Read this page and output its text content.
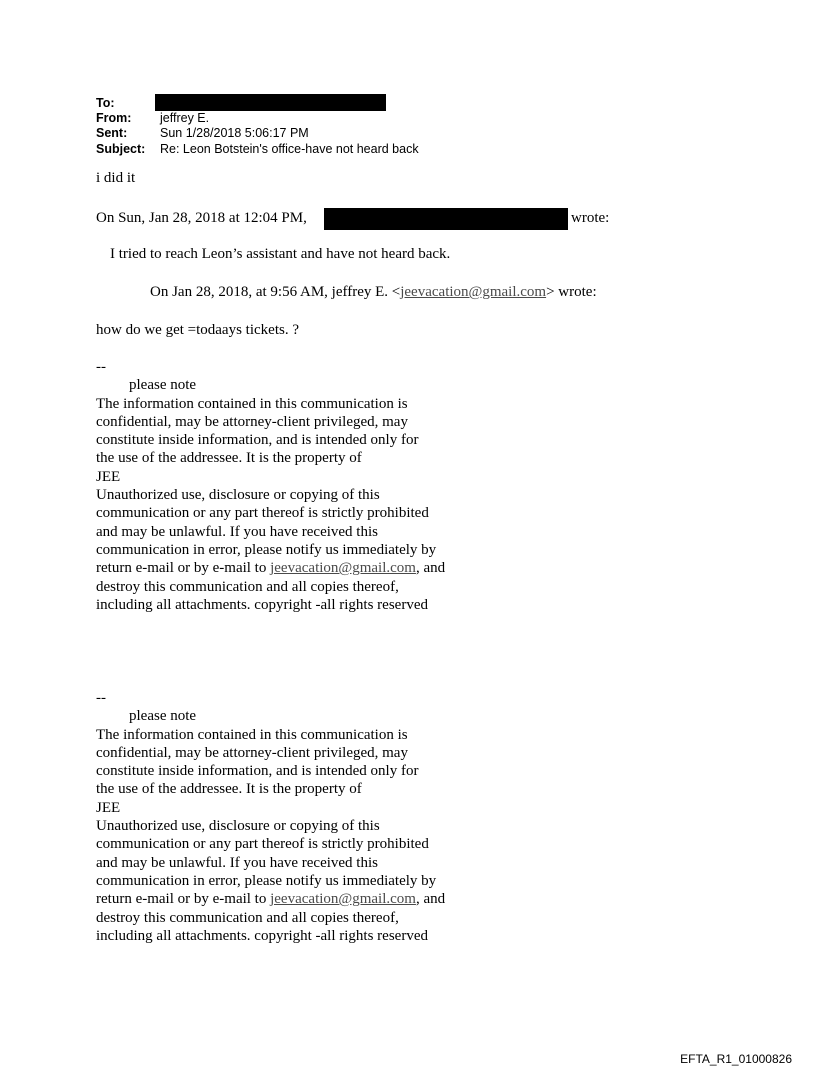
To:
From: jeffrey E.
Sent:	Sun 1/28/2018 5:06:17 PM
Subject: Re: Leon Botstein's office-have not heard back
i did it
On Sun, Jan 28, 2018 at 12:04 PM,	wrote:
I tried to reach Leon’s assistant and have not heard back.
On Jan 28, 2018, at 9:56 AM, jeffrey E. <jeevacation@gmail.com> wrote:
how do we get =todaays tickets. ?
--
please note
The information contained in this communication is
confidential, may be attorney-client privileged, may
constitute inside information, and is intended only for
the use of the addressee. It is the property of
JEE
Unauthorized use, disclosure or copying of this
communication or any part thereof is strictly prohibited
and may be unlawful. If you have received this
communication in error, please notify us immediately by
return e-mail or by e-mail to jeevacation@gmail.com, and
destroy this communication and all copies thereof,
including all attachments. copyright -all rights reserved
--
please note
The information contained in this communication is
confidential, may be attorney-client privileged, may
constitute inside information, and is intended only for
the use of the addressee. It is the property of
JEE
Unauthorized use, disclosure or copying of this
communication or any part thereof is strictly prohibited
and may be unlawful. If you have received this
communication in error, please notify us immediately by
return e-mail or by e-mail to jeevacation@gmail.com, and
destroy this communication and all copies thereof,
including all attachments. copyright -all rights reserved
EFTA_R1_01000826
